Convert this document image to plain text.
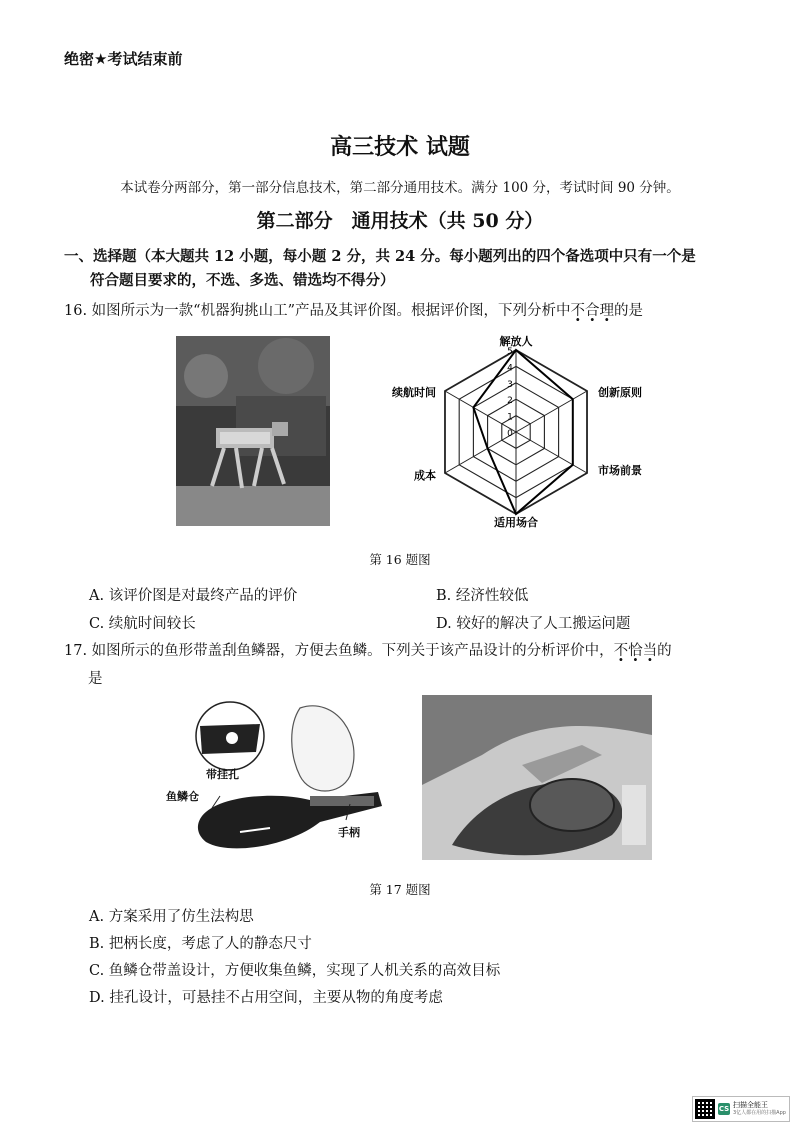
绝密★考试结束前
高三技术 试题
本试卷分两部分，第一部分信息技术，第二部分通用技术。满分 100 分，考试时间 90 分钟。
第二部分　通用技术（共 50 分）
一、选择题（本大题共 12 小题，每小题 2 分，共 24 分。每小题列出的四个备选项中只有一个是
符合题目要求的，不选、多选、错选均不得分）
16. 如图所示为一款“机器狗挑山工”产品及其评价图。根据评价图，下列分析中不合理的是
0
1
2
3
4
5
解放人
创新原则
市场前景
适用场合
成本
续航时间
第 16 题图
A. 该评价图是对最终产品的评价	B. 经济性较低
C. 续航时间较长	D. 较好的解决了人工搬运问题
17. 如图所示的鱼形带盖刮鱼鳞器，方便去鱼鳞。下列关于该产品设计的分析评价中，不恰当的
是
带挂孔
鱼鳞仓
手柄
第 17 题图
A. 方案采用了仿生法构思
B. 把柄长度，考虑了人的静态尺寸
C. 鱼鳞仓带盖设计，方便收集鱼鳞，实现了人机关系的高效目标
D. 挂孔设计，可悬挂不占用空间，主要从物的角度考虑
CS 扫描全能王
3亿人都在用的扫描App
